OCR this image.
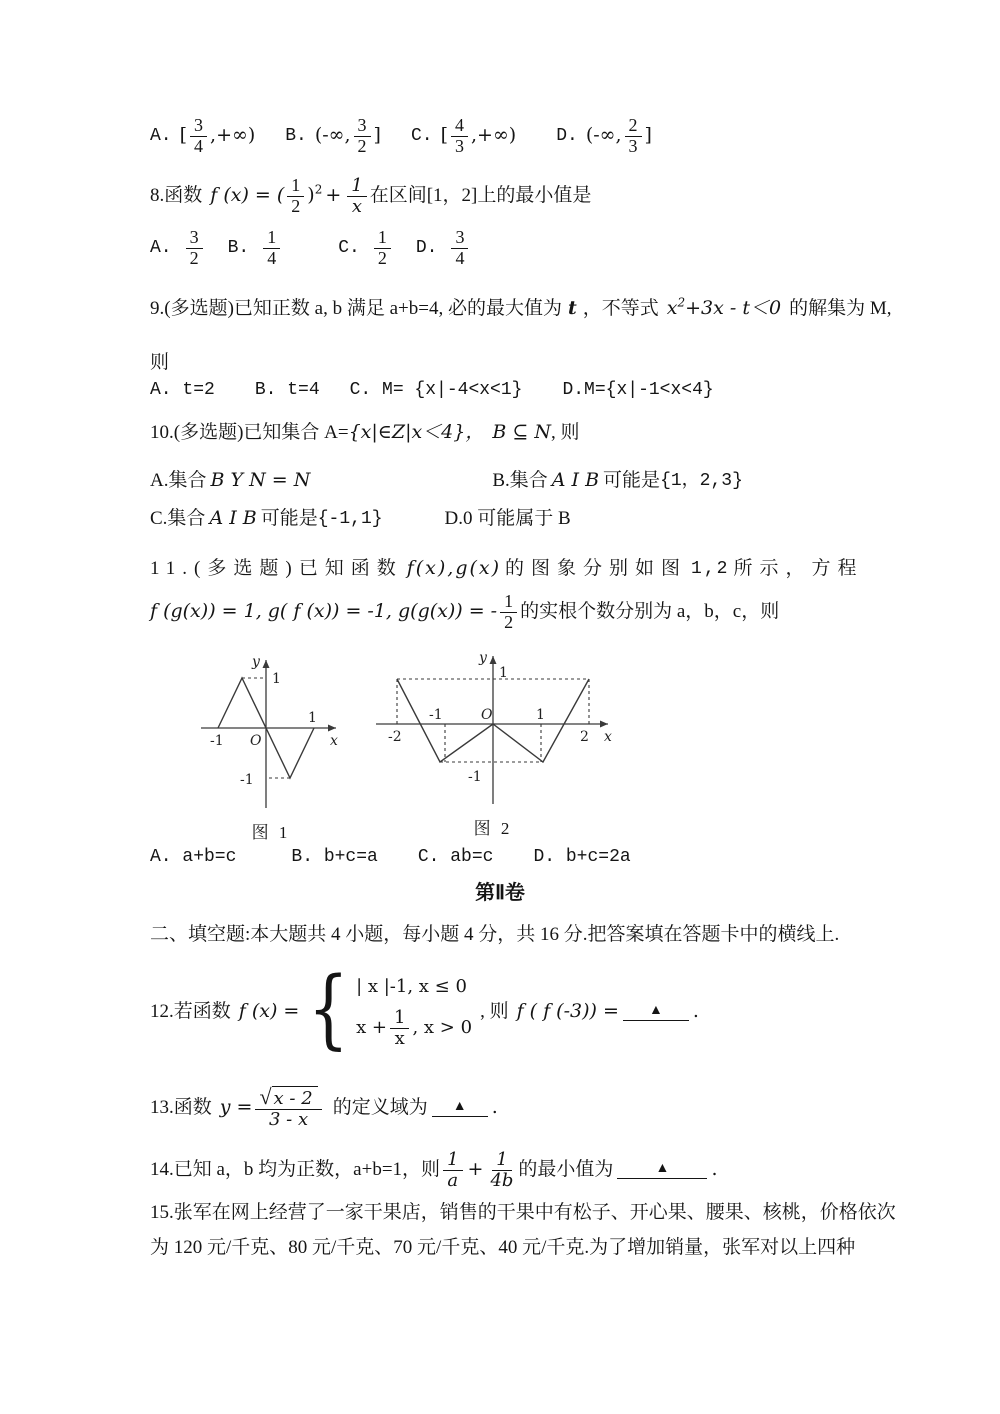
A. [ $\frac{3}{4}$ ,+∞) B. (-∞, $\frac{3}{2}$ ] C. [ $\frac{4}{3}$ ,+∞) D. (-∞, $\frac{2}{3}$ ]
8.函数 f (x) = ( $\frac{1}{2} )^2 + \frac{1}{x}$ 在区间[1，2]上的最小值是
A. $\frac{3}{2} B$. $\frac{1}{4}$	C. $\frac{1}{2} D$. $\frac{3}{4}$
9.(多选题)已知正数 a, b 满足 a+b=4, 必的最大值为 t ，不等式 $x^2+3x - t<0$ 的解集为 M,
则
A. t=2 B. t=4 C. M= {x|-4<x<1} D.M={x|-1<x<4}
10.(多选题)已知集合 A= {x|∈Z|x＜4}， B ⊆ N , 则
A.集合 B Y N = N	B.集合 A I B 可能是 {1，2,3}
C.集合 A I B 可能是 {-1,1}	D.0 可能属于 B
11.(多选题)已知函数 f(x),g(x) 的图象分别如图 1,2 所示，方程
f (g(x)) = 1, g( f (x)) = -1, g(g(x)) = - $\frac{1}{2}$ 的实根个数分别为 a，b，c，则
y
1
-1 O
1
x
-1
图 1
y
1
-2
-1	O	1
2 x
-1
图 2
A. a+b=c	B. b+c=a C. ab=c D. b+c=2a
第Ⅱ卷
二、填空题:本大题共 4 小题，每小题 4 分，共 16 分.把答案填在答题卡中的横线上.
12.若函数 f (x) = { | x |-1, x ≤ 0
$x + \frac{1}{x}$ , x > 0
, 则 f ( f (-3)) =	▲	.
13.函数 $y = \frac{√ x - 2}{3 - x}$ 的定义域为	▲	.
14.已知 a，b 均为正数，a+b=1，则 $\frac{1}{a} + \frac{1}{4b}$ 的最小值为	▲	.
15.张军在网上经营了一家干果店，销售的干果中有松子、开心果、腰果、核桃，价格依次
为 120 元/千克、80 元/千克、70 元/千克、40 元/千克.为了增加销量，张军对以上四种
